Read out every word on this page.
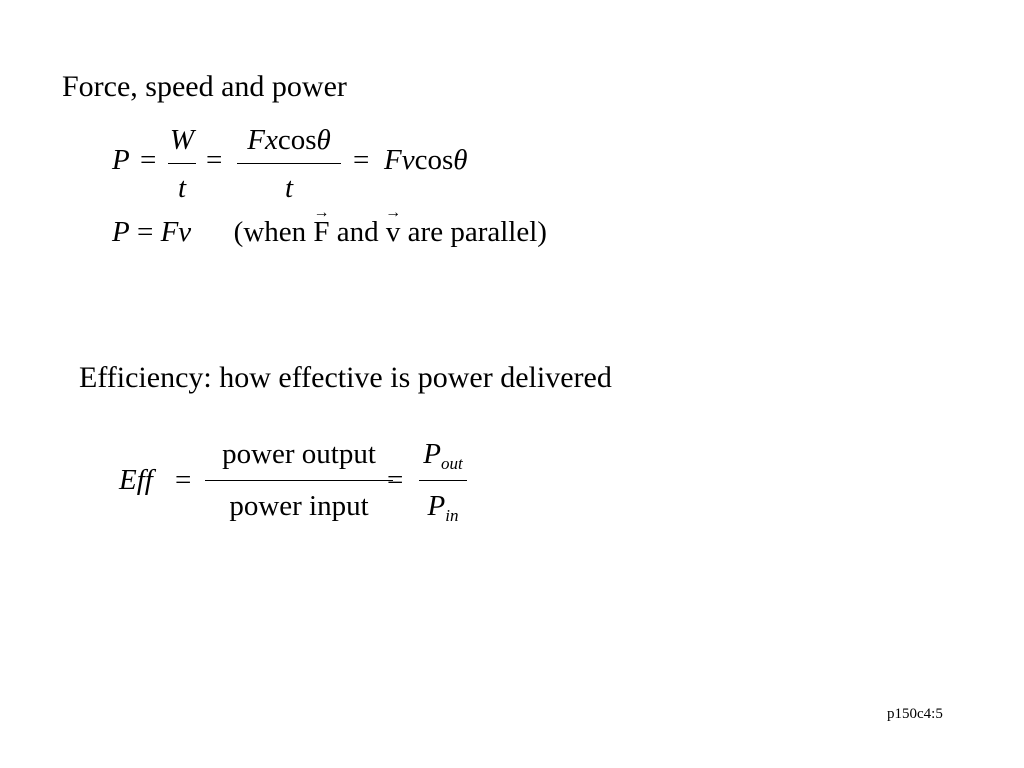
Force, speed and power
P =
W
t
=
Fxcosθ
t
= Fvcosθ
P = Fv (when
→
F and
→
v are parallel)
Efficiency: how effective is power delivered
Eff =
power output
power input
=
$P_{out}$
$P_{in}$
p150c4:5
